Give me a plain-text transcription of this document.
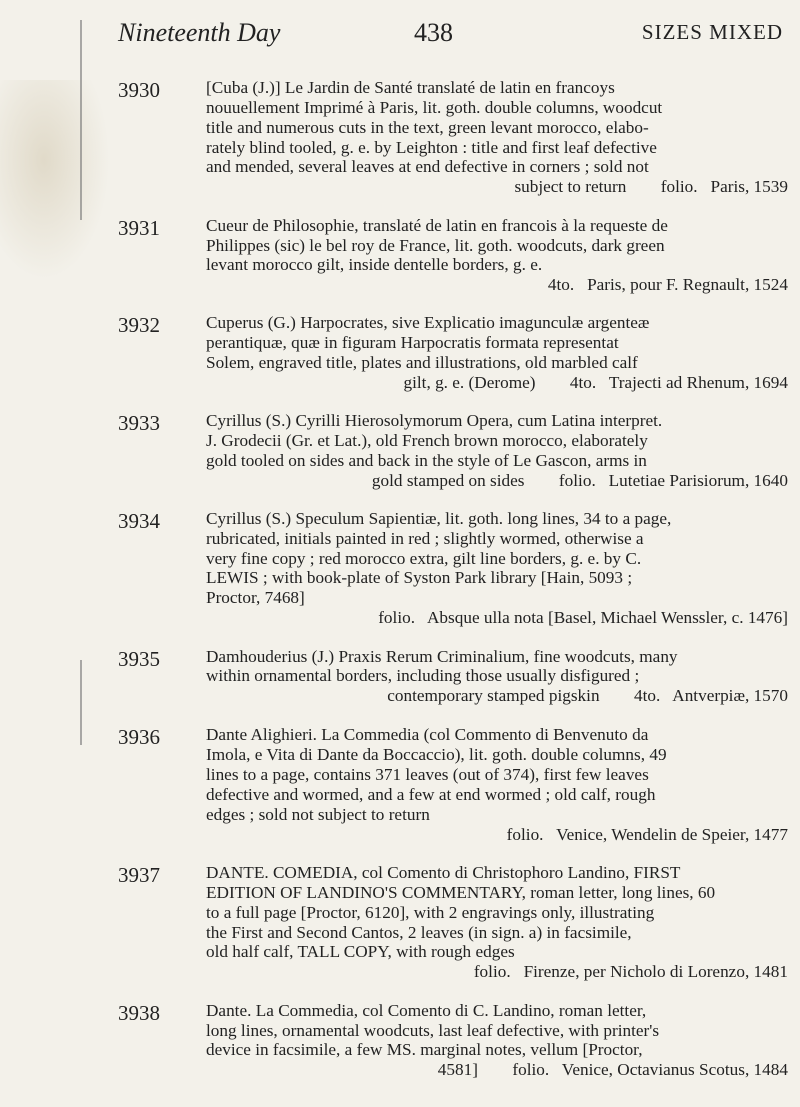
Nineteenth Day	438	SIZES MIXED
3930	[Cuba (J.)] Le Jardin de Santé translaté de latin en francoys
nouuellement Imprimé à Paris, lit. goth. double columns, woodcut
title and numerous cuts in the text, green levant morocco, elabo-
rately blind tooled, g. e. by Leighton : title and first leaf defective
and mended, several leaves at end defective in corners ; sold not
subject to return        folio.   Paris, 1539
3931	Cueur de Philosophie, translaté de latin en francois à la requeste de
Philippes (sic) le bel roy de France, lit. goth. woodcuts, dark green
levant morocco gilt, inside dentelle borders, g. e.
4to.   Paris, pour F. Regnault, 1524
3932	Cuperus (G.) Harpocrates, sive Explicatio imagunculæ argenteæ
perantiquæ, quæ in figuram Harpocratis formata representat
Solem, engraved title, plates and illustrations, old marbled calf
gilt, g. e. (Derome)        4to.   Trajecti ad Rhenum, 1694
3933	Cyrillus (S.) Cyrilli Hierosolymorum Opera, cum Latina interpret.
J. Grodecii (Gr. et Lat.), old French brown morocco, elaborately
gold tooled on sides and back in the style of Le Gascon, arms in
gold stamped on sides        folio.   Lutetiae Parisiorum, 1640
3934	Cyrillus (S.) Speculum Sapientiæ, lit. goth. long lines, 34 to a page,
rubricated, initials painted in red ; slightly wormed, otherwise a
very fine copy ; red morocco extra, gilt line borders, g. e. by C.
LEWIS ; with book-plate of Syston Park library [Hain, 5093 ;
Proctor, 7468]
folio.   Absque ulla nota [Basel, Michael Wenssler, c. 1476]
3935	Damhouderius (J.) Praxis Rerum Criminalium, fine woodcuts, many
within ornamental borders, including those usually disfigured ;
contemporary stamped pigskin        4to.   Antverpiæ, 1570
3936	Dante Alighieri. La Commedia (col Commento di Benvenuto da
Imola, e Vita di Dante da Boccaccio), lit. goth. double columns, 49
lines to a page, contains 371 leaves (out of 374), first few leaves
defective and wormed, and a few at end wormed ; old calf, rough
edges ; sold not subject to return
folio.   Venice, Wendelin de Speier, 1477
3937	DANTE. COMEDIA, col Comento di Christophoro Landino, FIRST
EDITION OF LANDINO'S COMMENTARY, roman letter, long lines, 60
to a full page [Proctor, 6120], with 2 engravings only, illustrating
the First and Second Cantos, 2 leaves (in sign. a) in facsimile,
old half calf, TALL COPY, with rough edges
folio.   Firenze, per Nicholo di Lorenzo, 1481
3938	Dante. La Commedia, col Comento di C. Landino, roman letter,
long lines, ornamental woodcuts, last leaf defective, with printer's
device in facsimile, a few MS. marginal notes, vellum [Proctor,
4581]        folio.   Venice, Octavianus Scotus, 1484
